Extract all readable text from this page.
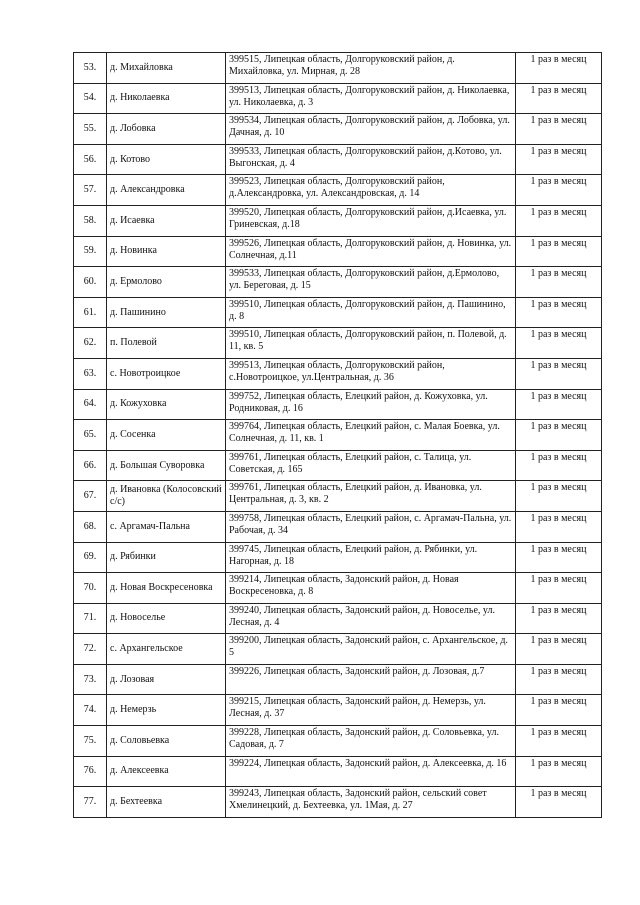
53.	д. Михайловка	399515, Липецкая область, Долгоруковский район, д. Михайловка, ул. Мирная, д. 28	1 раз в месяц
54.	д. Николаевка	399513, Липецкая область, Долгоруковский район, д. Николаевка, ул. Николаевка, д. 3	1 раз в месяц
55.	д. Лобовка	399534, Липецкая область, Долгоруковский район, д. Лобовка, ул. Дачная, д. 10	1 раз в месяц
56.	д. Котово	399533, Липецкая область, Долгоруковский район, д.Котово, ул. Выгонская, д. 4	1 раз в месяц
57.	д. Александровка	399523, Липецкая область, Долгоруковский район, д.Александровка, ул. Александровская, д. 14	1 раз в месяц
58.	д. Исаевка	399520, Липецкая область, Долгоруковский район, д.Исаевка, ул. Гриневская, д.18	1 раз в месяц
59.	д. Новинка	399526, Липецкая область, Долгоруковский район, д. Новинка, ул. Солнечная, д.11	1 раз в месяц
60.	д. Ермолово	399533, Липецкая область, Долгоруковский район, д.Ермолово, ул. Береговая, д. 15	1 раз в месяц
61.	д. Пашинино	399510, Липецкая область, Долгоруковский район, д. Пашинино, д. 8	1 раз в месяц
62.	п. Полевой	399510, Липецкая область, Долгоруковский район, п. Полевой, д. 11, кв. 5	1 раз в месяц
63.	с. Новотроицкое	399513, Липецкая область, Долгоруковский район, с.Новотроицкое, ул.Центральная, д. 36	1 раз в месяц
64.	д. Кожуховка	399752, Липецкая область, Елецкий район, д. Кожуховка, ул. Родниковая, д. 16	1 раз в месяц
65.	д. Сосенка	399764, Липецкая область, Елецкий район, с. Малая Боевка, ул. Солнечная, д. 11, кв. 1	1 раз в месяц
66.	д. Большая Суворовка	399761, Липецкая область, Елецкий район, с. Талица, ул. Советская, д. 165	1 раз в месяц
67.	д. Ивановка (Колосовский с/с)	399761, Липецкая область, Елецкий район, д. Ивановка, ул. Центральная, д. 3, кв. 2	1 раз в месяц
68.	с. Аргамач-Пальна	399758, Липецкая область, Елецкий район, с. Аргамач-Пальна, ул. Рабочая, д. 34	1 раз в месяц
69.	д. Рябинки	399745, Липецкая область, Елецкий район, д. Рябинки, ул. Нагорная, д. 18	1 раз в месяц
70.	д. Новая Воскресеновка	399214, Липецкая область, Задонский район, д. Новая Воскресеновка, д. 8	1 раз в месяц
71.	д. Новоселье	399240, Липецкая область, Задонский район, д. Новоселье, ул. Лесная, д. 4	1 раз в месяц
72.	с. Архангельское	399200, Липецкая область, Задонский район, с. Архангельское, д. 5	1 раз в месяц
73.	д. Лозовая	399226, Липецкая область, Задонский район, д. Лозовая, д.7	1 раз в месяц
74.	д. Немерзь	399215, Липецкая область, Задонский район, д. Немерзь, ул. Лесная, д. 37	1 раз в месяц
75.	д. Соловьевка	399228, Липецкая область, Задонский район, д. Соловьевка, ул. Садовая, д. 7	1 раз в месяц
76.	д. Алексеевка	399224, Липецкая область, Задонский район, д. Алексеевка, д. 16	1 раз в месяц
77.	д. Бехтеевка	399243, Липецкая область, Задонский район, сельский совет Хмелинецкий, д. Бехтеевка, ул. 1Мая, д. 27	1 раз в месяц
